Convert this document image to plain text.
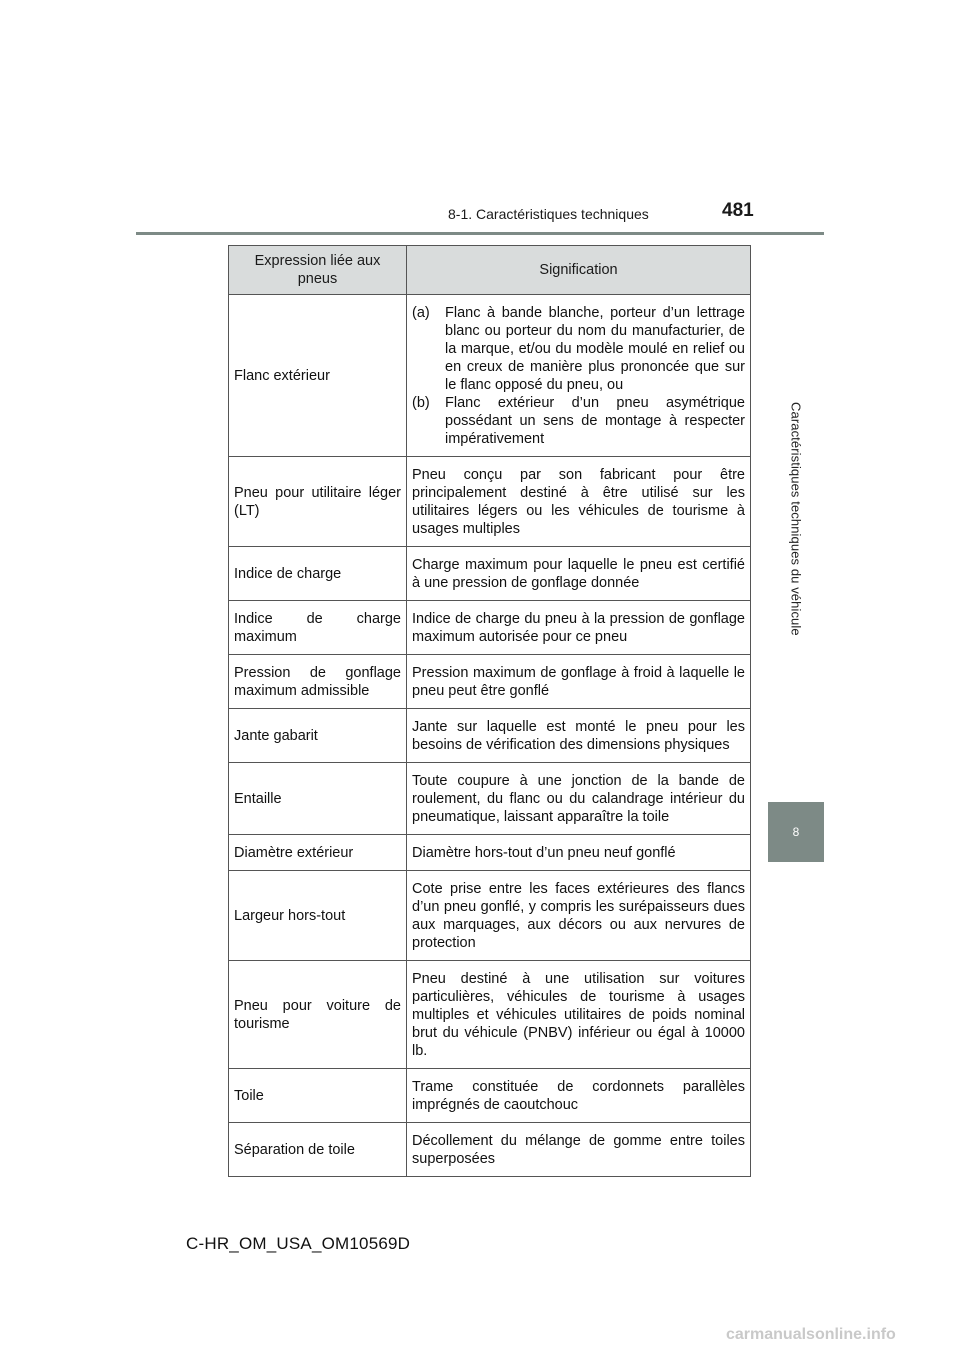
8-1. Caractéristiques techniques	481
Caractéristiques techniques du véhicule
8
Expression liée aux pneus	Signification
Flanc extérieur	(a) Flanc à bande blanche, porteur d’un lettrage blanc ou porteur du nom du manufacturier, de la marque, et/ou du modèle moulé en relief ou en creux de manière plus prononcée que sur le flanc opposé du pneu, ou
(b) Flanc extérieur d’un pneu asymétrique possédant un sens de montage à respecter impérativement

Pneu pour utilitaire léger (LT)	Pneu conçu par son fabricant pour être principalement destiné à être utilisé sur les utilitaires légers ou les véhicules de tourisme à usages multiples
Indice de charge	Charge maximum pour laquelle le pneu est certifié à une pression de gonflage donnée
Indice de charge maximum	Indice de charge du pneu à la pression de gonflage maximum autorisée pour ce pneu
Pression de gonflage maximum admissible	Pression maximum de gonflage à froid à laquelle le pneu peut être gonflé
Jante gabarit	Jante sur laquelle est monté le pneu pour les besoins de vérification des dimensions physiques
Entaille	Toute coupure à une jonction de la bande de roulement, du flanc ou du calandrage intérieur du pneumatique, laissant apparaître la toile
Diamètre extérieur	Diamètre hors-tout d’un pneu neuf gonflé
Largeur hors-tout	Cote prise entre les faces extérieures des flancs d’un pneu gonflé, y compris les surépaisseurs dues aux marquages, aux décors ou aux nervures de protection
Pneu pour voiture de tourisme	Pneu destiné à une utilisation sur voitures particulières, véhicules de tourisme à usages multiples et véhicules utilitaires de poids nominal brut du véhicule (PNBV) inférieur ou égal à 10000 lb.
Toile	Trame constituée de cordonnets parallèles imprégnés de caoutchouc
Séparation de toile	Décollement du mélange de gomme entre toiles superposées
C-HR_OM_USA_OM10569D
carmanualsonline.info
